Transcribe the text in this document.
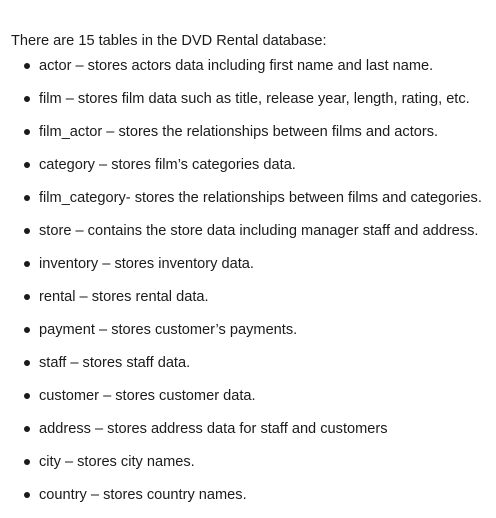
There are 15 tables in the DVD Rental database:

actor – stores actors data including first name and last name.
film – stores film data such as title, release year, length, rating, etc.
film_actor – stores the relationships between films and actors.
category – stores film’s categories data.
film_category- stores the relationships between films and categories.
store – contains the store data including manager staff and address.
inventory – stores inventory data.
rental – stores rental data.
payment – stores customer’s payments.
staff – stores staff data.
customer – stores customer data.
address – stores address data for staff and customers
city – stores city names.
country – stores country names.
